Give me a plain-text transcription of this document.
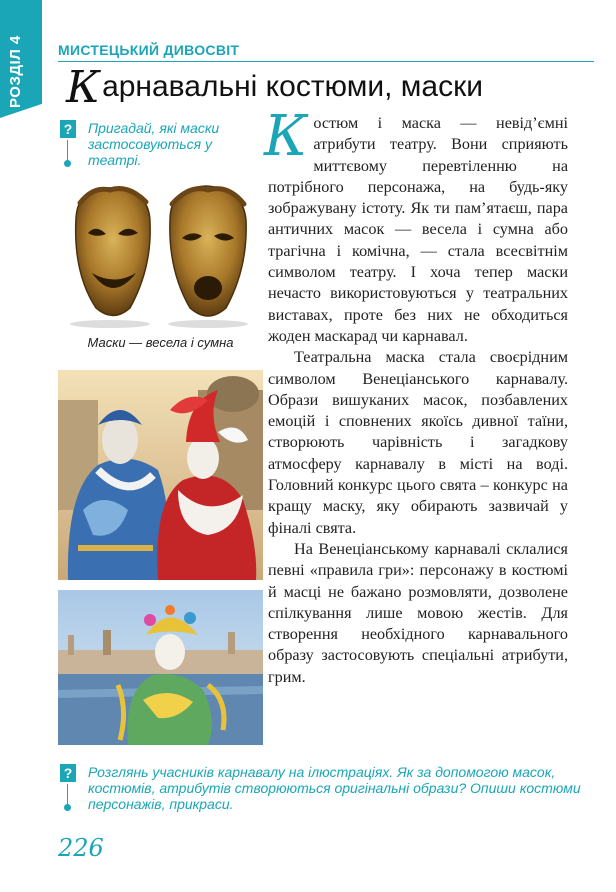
РОЗДІЛ 4 МИСТЕЦЬКИЙ ДИВОСВІТ
Карнавальні костюми, маски
? Пригадай, які маски застосовуються у театрі.
Маски — весела і сумна

Костюм і маска — невід’ємні атрибути театру. Вони сприяють миттєвому перевтіленню на потрібного персонажа, на будь-яку зображувану істоту. Як ти пам’ятаєш, пара античних масок — весела і сумна або трагічна і комічна, — стала всесвітнім символом театру. І хоча тепер маски нечасто використовуються у театральних виставах, проте без них не обходиться жоден маскарад чи карнавал.

Театральна маска стала своєрідним символом Венеціанського карнавалу. Образи вишуканих масок, позбавлених емоцій і сповнених якоїсь дивної таїни, створюють чарівність і загадкову атмосферу карнавалу в місті на воді. Головний конкурс цього свята – конкурс на кращу маску, яку обирають зазвичай у фіналі свята.

На Венеціанському карнавалі склалися певні «правила гри»: персонажу в костюмі й масці не бажано розмовляти, дозволене спілкування лише мовою жестів. Для створення необхідного карнавального образу застосовують спеціальні атрибути, грим.

? Розглянь учасників карнавалу на ілюстраціях. Як за допомогою масок, костюмів, атрибутів створюються оригінальні образи? Опиши костюми персонажів, прикраси.
226
